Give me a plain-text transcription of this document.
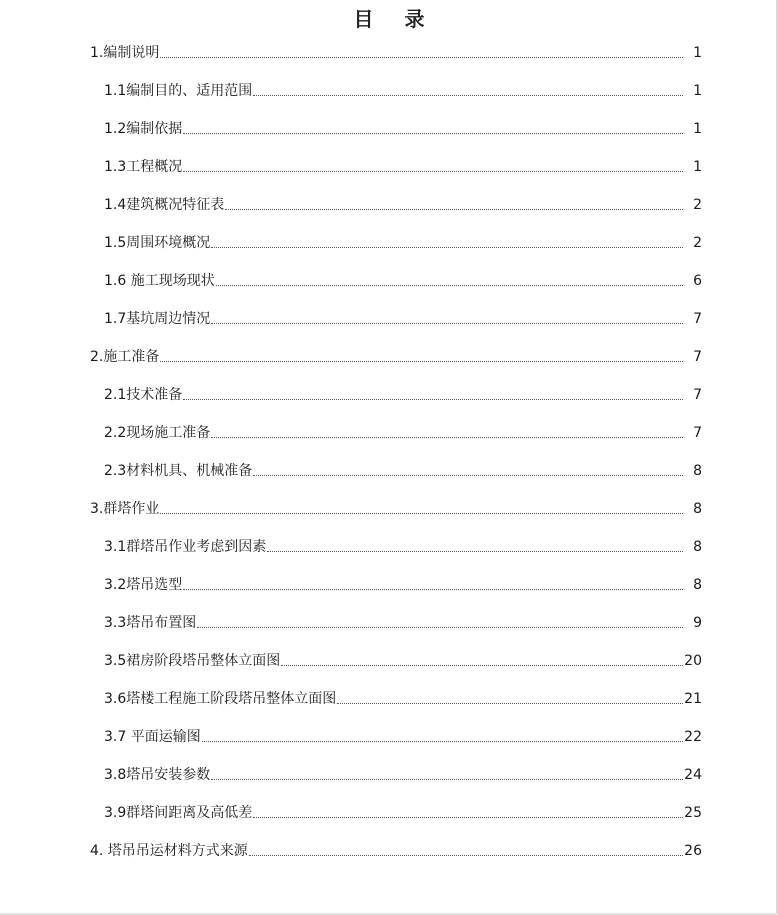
目 录
1.编制说明	1
1.1编制目的、适用范围	1
1.2编制依据	1
1.3工程概况	1
1.4建筑概况特征表	2
1.5周围环境概况	2
1.6 施工现场现状	6
1.7基坑周边情况	7
2.施工准备	7
2.1技术准备	7
2.2现场施工准备	7
2.3材料机具、机械准备	8
3.群塔作业	8
3.1群塔吊作业考虑到因素	8
3.2塔吊选型	8
3.3塔吊布置图	9
3.5裙房阶段塔吊整体立面图	20
3.6塔楼工程施工阶段塔吊整体立面图	21
3.7 平面运输图	22
3.8塔吊安装参数	24
3.9群塔间距离及高低差	25
4. 塔吊吊运材料方式来源	26
